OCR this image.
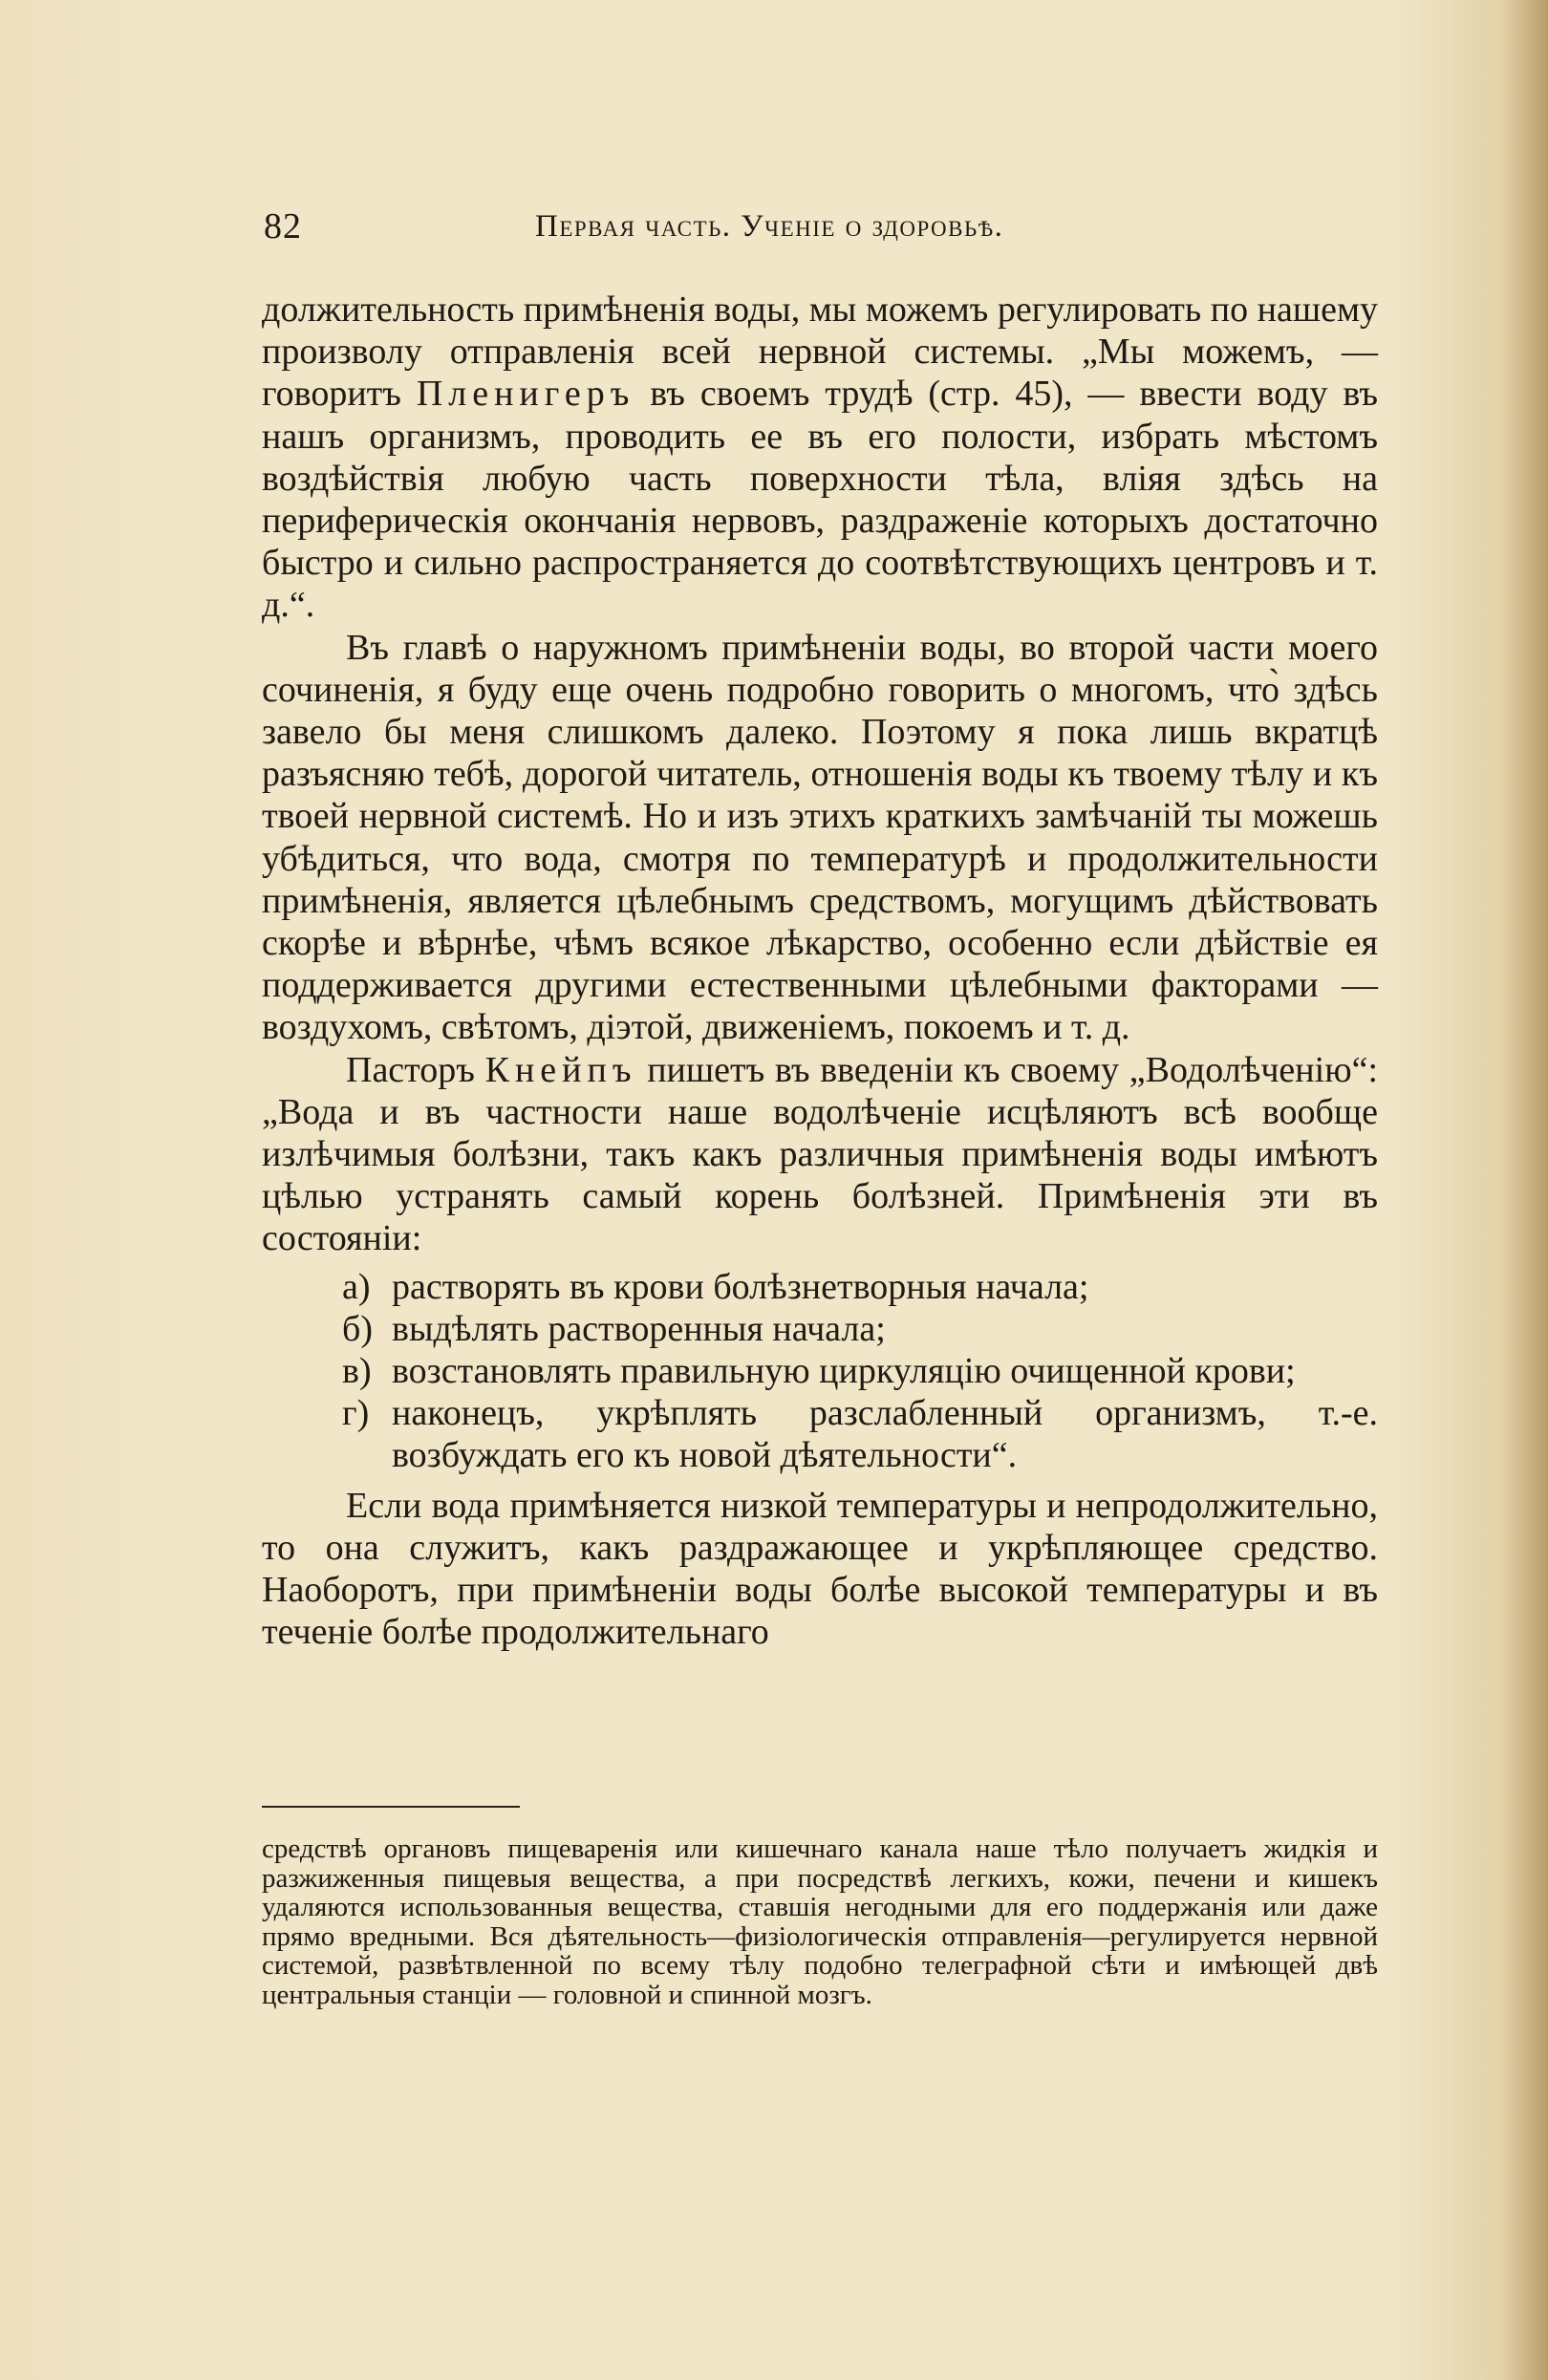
82	Первая часть. Ученіе о здоровьѣ.

должительность примѣненія воды, мы можемъ регулировать по нашему произволу отправленія всей нервной системы. „Мы можемъ, — говоритъ Пленигеръ въ своемъ трудѣ (стр. 45), — ввести воду въ нашъ организмъ, проводить ее въ его полости, избрать мѣстомъ воздѣйствія любую часть поверхности тѣла, вліяя здѣсь на периферическія окончанія нервовъ, раздраженіе которыхъ достаточно быстро и сильно распространяется до соотвѣтствующихъ центровъ и т. д.“.

Въ главѣ о наружномъ примѣненіи воды, во второй части моего сочиненія, я буду еще очень подробно говорить о многомъ, что̀ здѣсь завело бы меня слишкомъ далеко. Поэтому я пока лишь вкратцѣ разъясняю тебѣ, дорогой читатель, отношенія воды къ твоему тѣлу и къ твоей нервной системѣ. Но и изъ этихъ краткихъ замѣчаній ты можешь убѣдиться, что вода, смотря по температурѣ и продолжительности примѣненія, является цѣлебнымъ средствомъ, могущимъ дѣйствовать скорѣе и вѣрнѣе, чѣмъ всякое лѣкарство, особенно если дѣйствіе ея поддерживается другими естественными цѣлебными факторами — воздухомъ, свѣтомъ, діэтой, движеніемъ, покоемъ и т. д.

Пасторъ Кнейпъ пишетъ въ введеніи къ своему „Водолѣченію“: „Вода и въ частности наше водолѣченіе исцѣляютъ всѣ вообще излѣчимыя болѣзни, такъ какъ различныя примѣненія воды имѣютъ цѣлью устранять самый корень болѣзней. Примѣненія эти въ состояніи:

а) растворять въ крови болѣзнетворныя начала;
б) выдѣлять растворенныя начала;
в) возстановлять правильную циркуляцію очищенной крови;
г) наконецъ, укрѣплять разслабленный организмъ, т.-е. возбуждать его къ новой дѣятельности“.

Если вода примѣняется низкой температуры и непродолжительно, то она служитъ, какъ раздражающее и укрѣпляющее средство. Наоборотъ, при примѣненіи воды болѣе высокой температуры и въ теченіе болѣе продолжительнаго

средствѣ органовъ пищеваренія или кишечнаго канала наше тѣло получаетъ жидкія и разжиженныя пищевыя вещества, а при посредствѣ легкихъ, кожи, печени и кишекъ удаляются использованныя вещества, ставшія негодными для его поддержанія или даже прямо вредными. Вся дѣятельность—физіологическія отправленія—регулируется нервной системой, развѣтвленной по всему тѣлу подобно телеграфной сѣти и имѣющей двѣ центральныя станціи — головной и спинной мозгъ.
